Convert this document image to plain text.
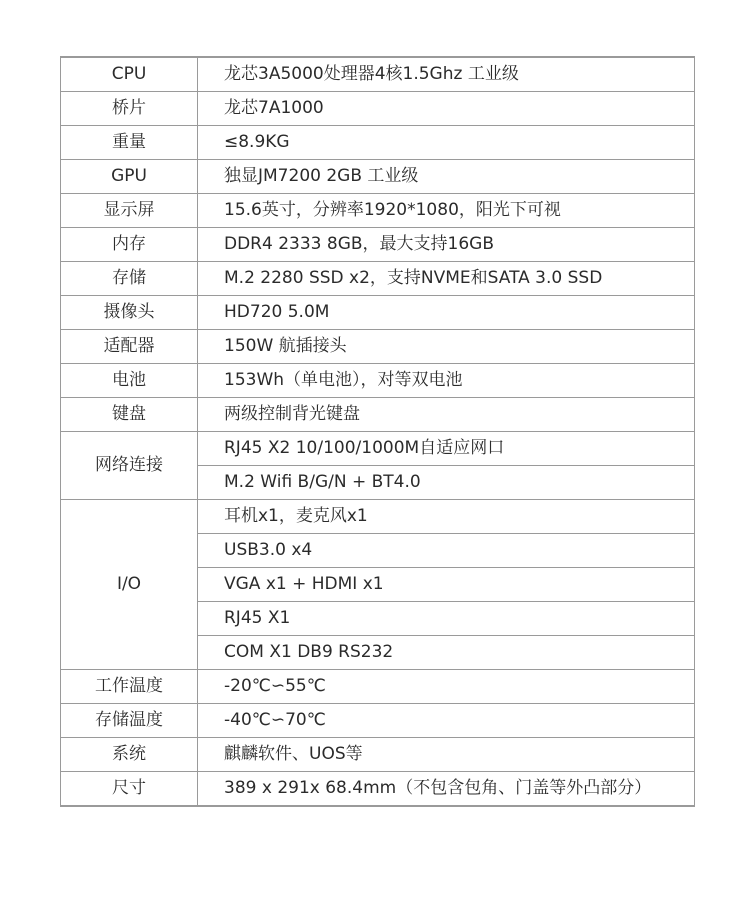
CPU	龙芯3A5000处理器4核1.5Ghz 工业级
桥片	龙芯7A1000
重量	≤8.9KG
GPU	独显JM7200 2GB 工业级
显示屏	15.6英寸，分辨率1920*1080，阳光下可视
内存	DDR4 2333 8GB，最大支持16GB
存储	M.2 2280 SSD x2，支持NVME和SATA 3.0 SSD
摄像头	HD720 5.0M
适配器	150W 航插接头
电池	153Wh（单电池），对等双电池
键盘	两级控制背光键盘
网络连接	RJ45 X2 10/100/1000M自适应网口
	M.2 Wifi B/G/N + BT4.0
I/O	耳机x1，麦克风x1
	USB3.0 x4
	VGA x1 + HDMI x1
	RJ45 X1
	COM X1 DB9 RS232
工作温度	-20℃∽55℃
存储温度	-40℃∽70℃
系统	麒麟软件、UOS等
尺寸	389 x 291x 68.4mm（不包含包角、门盖等外凸部分）
